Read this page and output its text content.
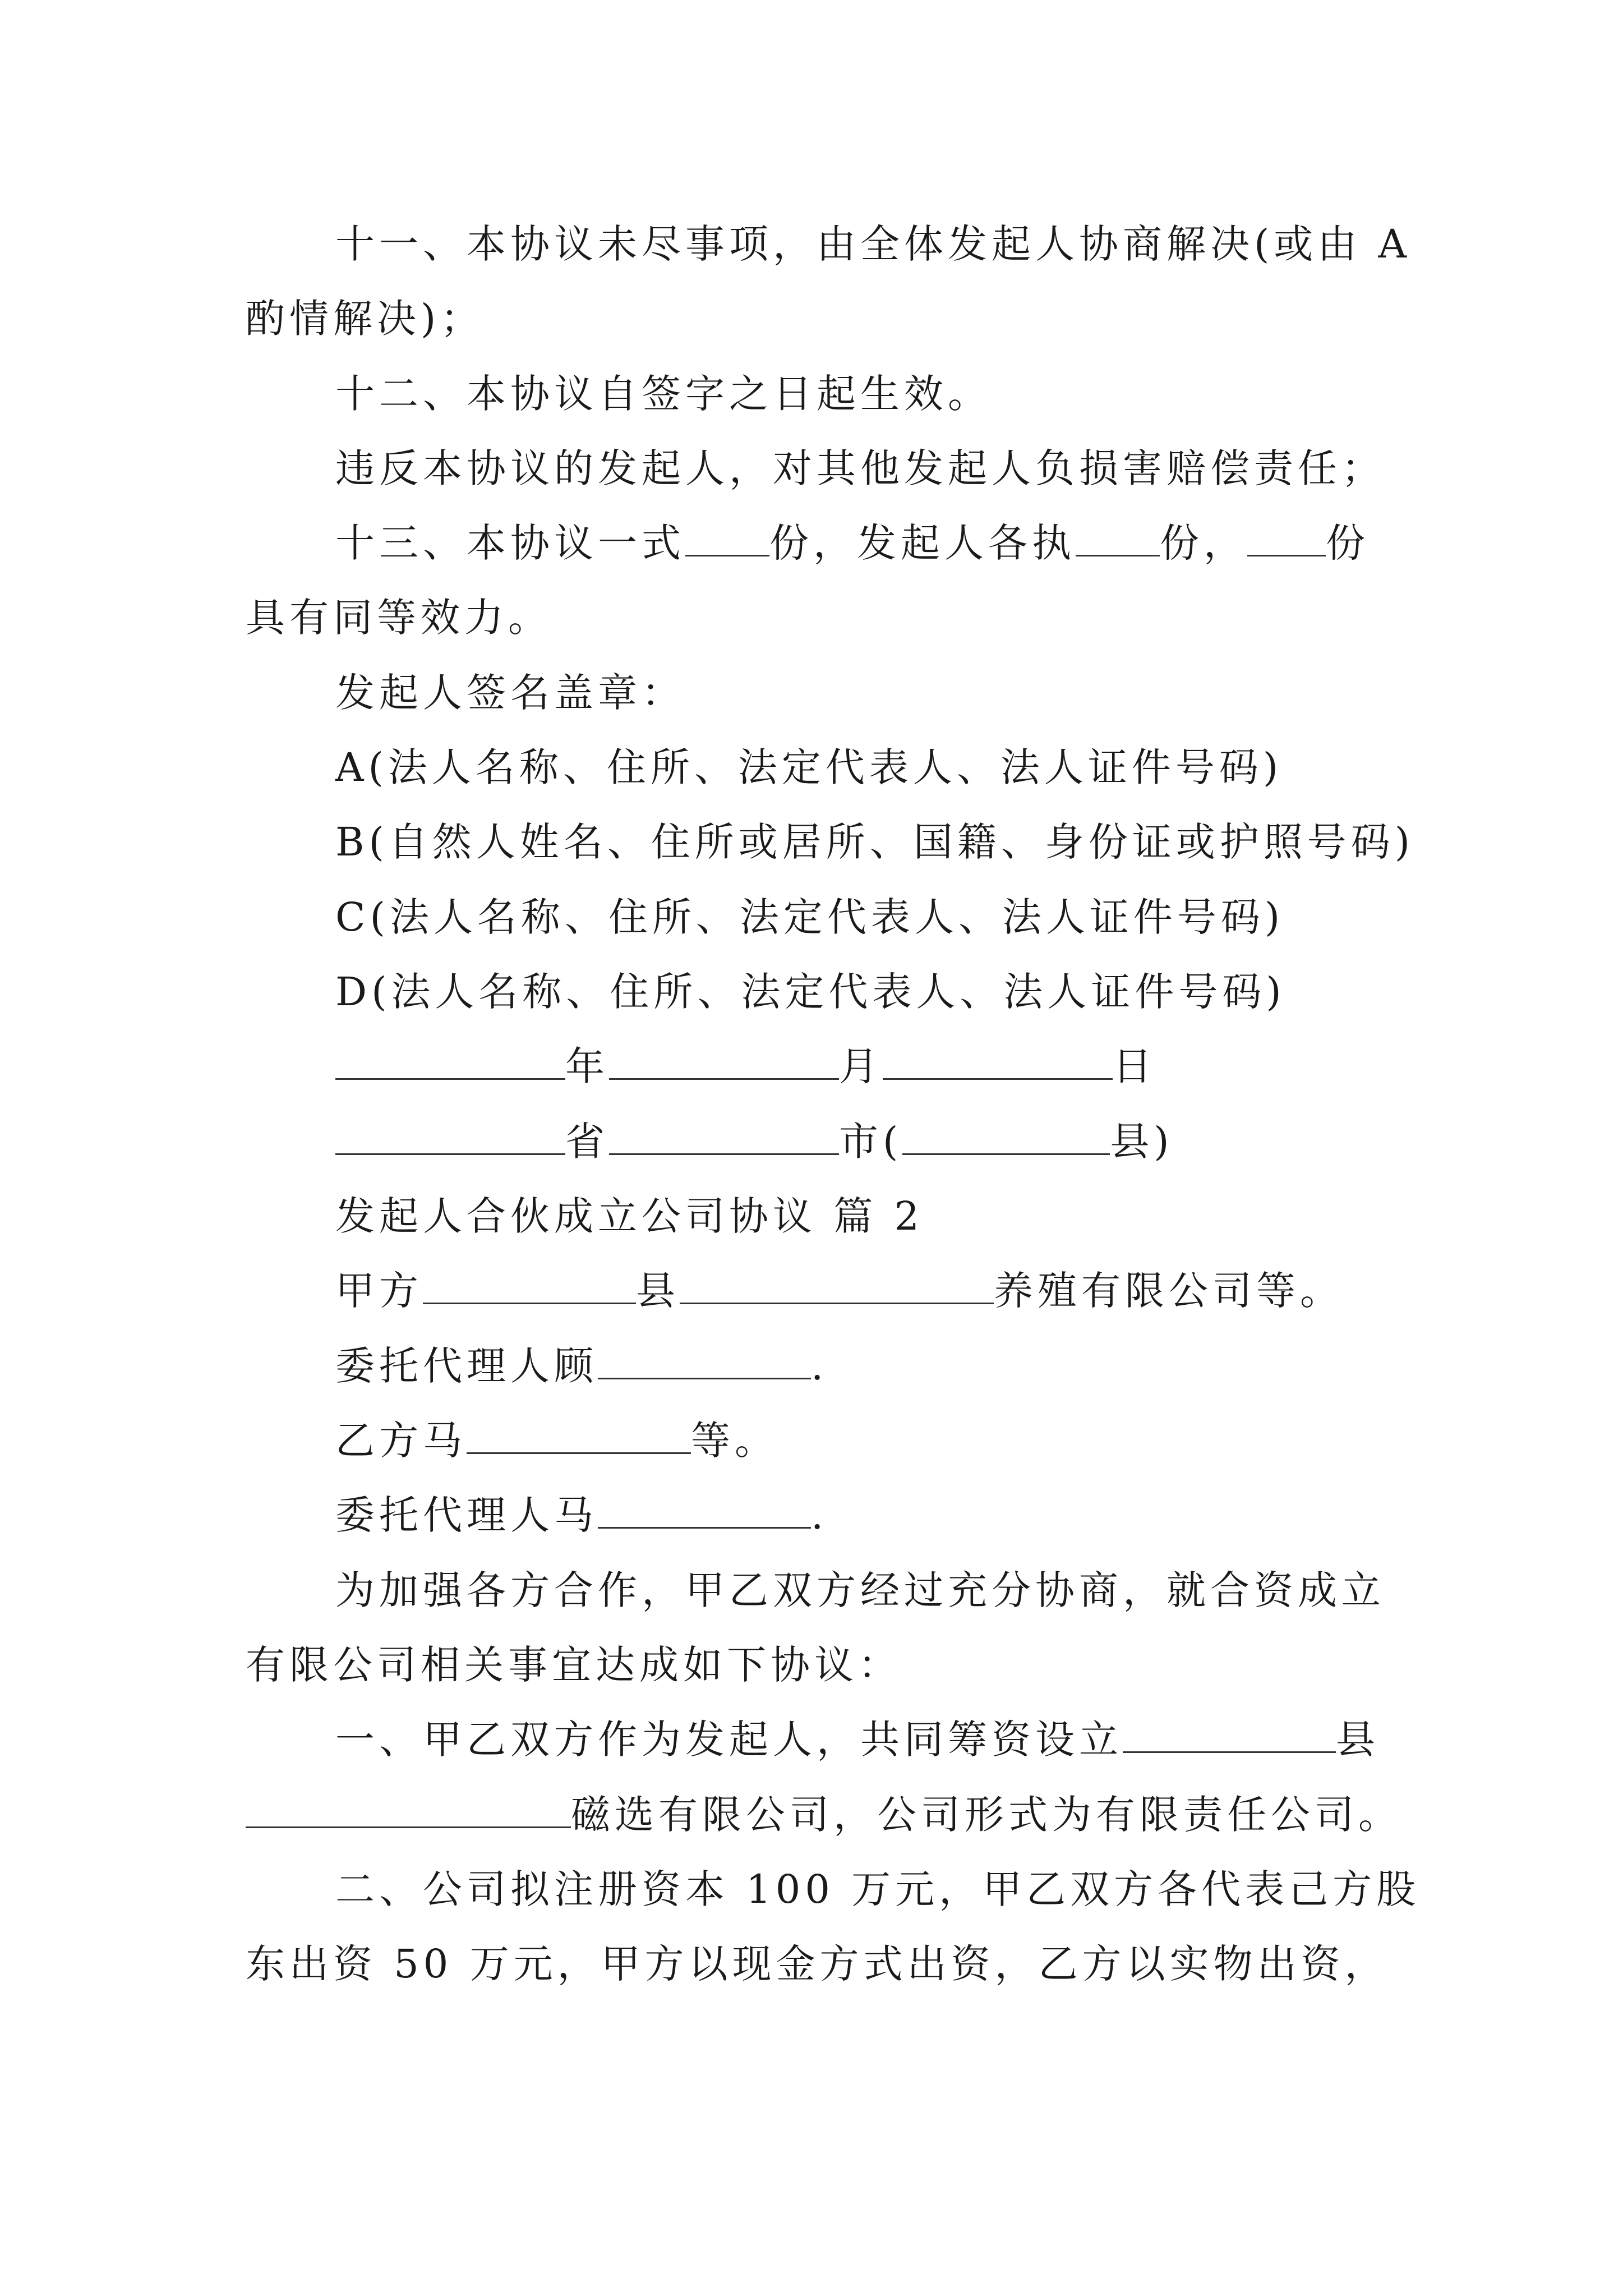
十一、本协议未尽事项，由全体发起人协商解决(或由 A
酌情解决)；
十二、本协议自签字之日起生效。
违反本协议的发起人，对其他发起人负损害赔偿责任；
十三、本协议一式 份，发起人各执 份， 份
具有同等效力。
发起人签名盖章：
A(法人名称、住所、法定代表人、法人证件号码)
B(自然人姓名、住所或居所、国籍、身份证或护照号码)
C(法人名称、住所、法定代表人、法人证件号码)
D(法人名称、住所、法定代表人、法人证件号码)
年	月	日
省	市(	县)
发起人合伙成立公司协议 篇 2
甲方	县	养殖有限公司等。
委托代理人顾	.
乙方马	等。
委托代理人马	.
为加强各方合作，甲乙双方经过充分协商，就合资成立
有限公司相关事宜达成如下协议：
一、甲乙双方作为发起人，共同筹资设立	县
磁选有限公司，公司形式为有限责任公司。
二、公司拟注册资本 100 万元，甲乙双方各代表己方股
东出资 50 万元，甲方以现金方式出资，乙方以实物出资，
